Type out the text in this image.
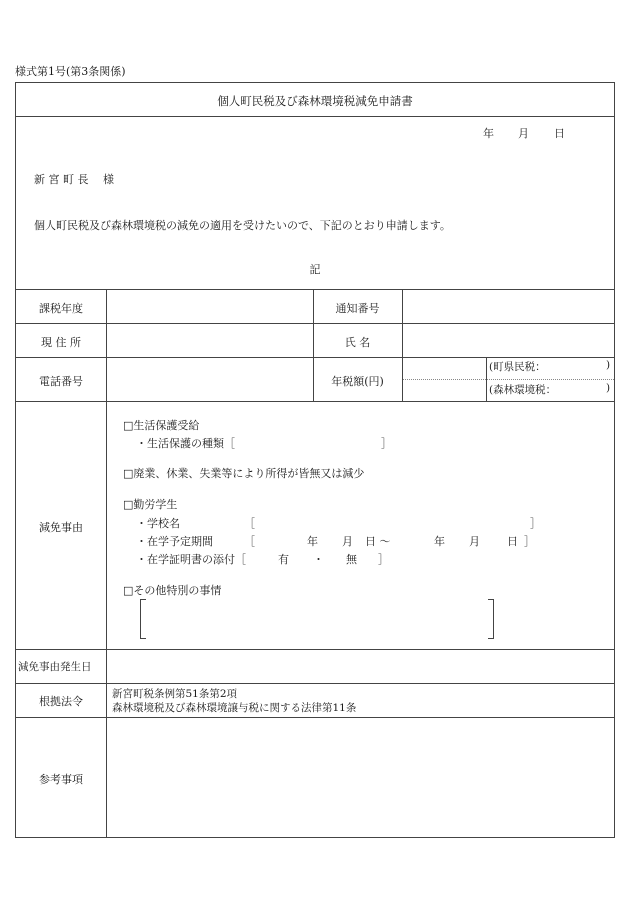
様式第1号(第3条関係)
個人町民税及び森林環境税減免申請書
年 月 日
新 宮 町 長　 様
個人町民税及び森林環境税の減免の適用を受けたいので、下記のとおり申請します。
記
課税年度	通知番号
現 住 所	氏 名
電話番号	年税額(円)
(町県民税：	)
(森林環境税：	)
減免事由
□生活保護受給
・生活保護の種類［	］
□廃業、休業、失業等により所得が皆無又は減少
□勤労学生
・学校名	［	］
・在学予定期間	［	年 月 日 〜	年 月 日 ］
・在学証明書の添付［	有 ・ 無 ］
□その他特別の事情
減免事由発生日
根拠法令
新宮町税条例第51条第2項
森林環境税及び森林環境譲与税に関する法律第11条
参考事項
